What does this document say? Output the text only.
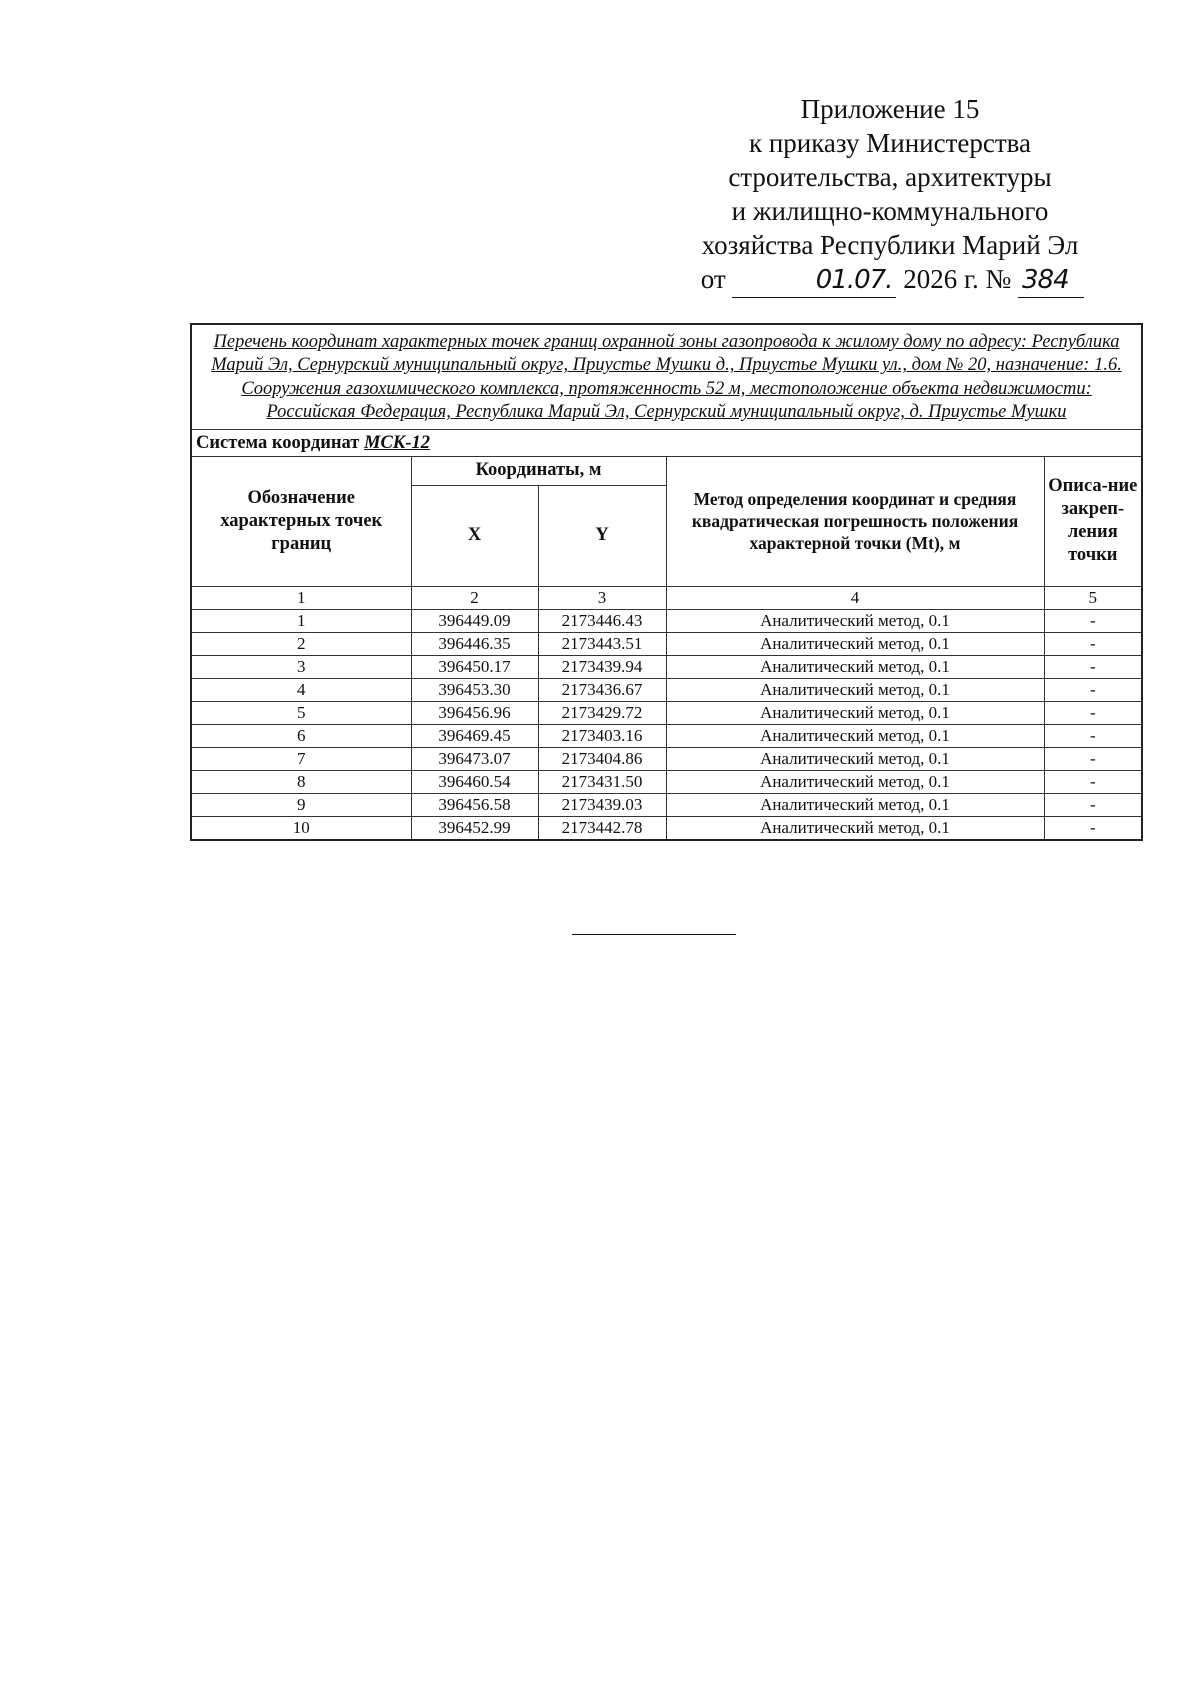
Приложение 15
к приказу Министерства
строительства, архитектуры
и жилищно-коммунального
хозяйства Республики Марий Эл
от	01.07. 2026 г. № 384
Перечень координат характерных точек границ охранной зоны газопровода к жилому дому по адресу: Республика Марий Эл, Сернурский муниципальный округ, Приустье Мушки д., Приустье Мушки ул., дом № 20, назначение: 1.6. Сооружения газохимического комплекса, протяженность 52 м, местоположение объекта недвижимости: Российская Федерация, Республика Марий Эл, Сернурский муниципальный округ, д. Приустье Мушки				
Система координат МСК-12				
Обозначение характерных точек границ	Координаты, м		Метод определения координат и средняя квадратическая погрешность положения характерной точки (Mt), м	Описа-ние закреп-ления точки
	X	Y		
1	2	3	4	5
1	396449.09	2173446.43	Аналитический метод, 0.1	-
2	396446.35	2173443.51	Аналитический метод, 0.1	-
3	396450.17	2173439.94	Аналитический метод, 0.1	-
4	396453.30	2173436.67	Аналитический метод, 0.1	-
5	396456.96	2173429.72	Аналитический метод, 0.1	-
6	396469.45	2173403.16	Аналитический метод, 0.1	-
7	396473.07	2173404.86	Аналитический метод, 0.1	-
8	396460.54	2173431.50	Аналитический метод, 0.1	-
9	396456.58	2173439.03	Аналитический метод, 0.1	-
10	396452.99	2173442.78	Аналитический метод, 0.1	-
